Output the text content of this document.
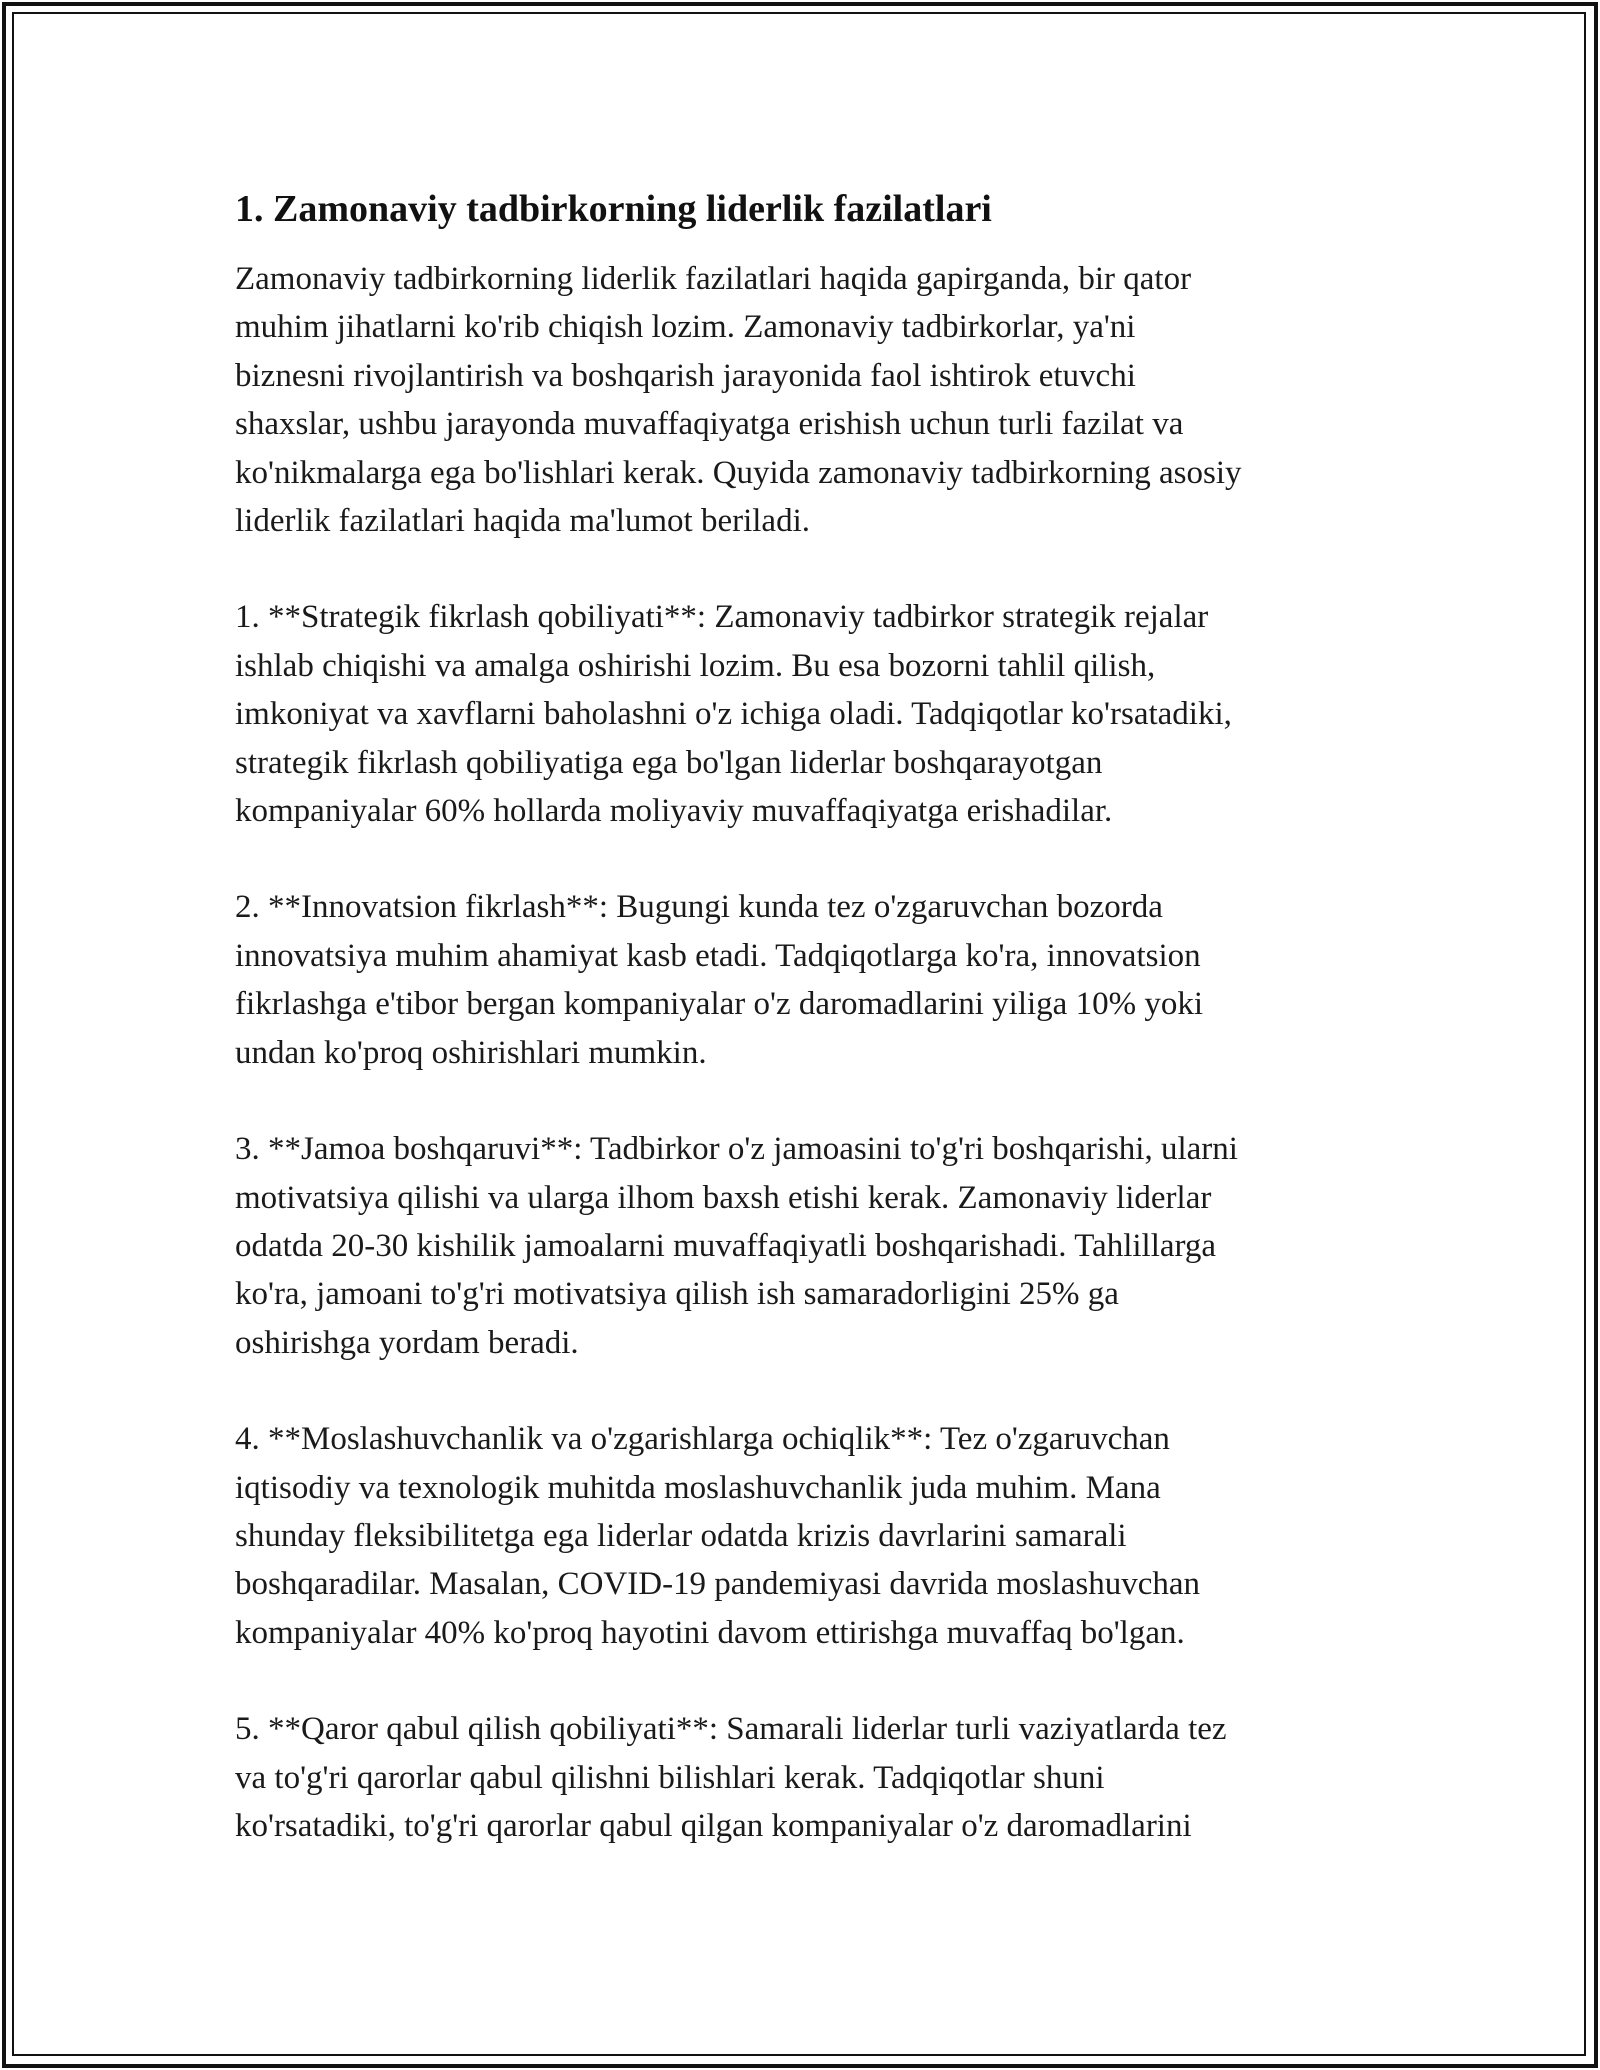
1. Zamonaviy tadbirkorning liderlik fazilatlari

Zamonaviy tadbirkorning liderlik fazilatlari haqida gapirganda, bir qator
muhim jihatlarni ko'rib chiqish lozim. Zamonaviy tadbirkorlar, ya'ni
biznesni rivojlantirish va boshqarish jarayonida faol ishtirok etuvchi
shaxslar, ushbu jarayonda muvaffaqiyatga erishish uchun turli fazilat va
ko'nikmalarga ega bo'lishlari kerak. Quyida zamonaviy tadbirkorning asosiy
liderlik fazilatlari haqida ma'lumot beriladi.

1. **Strategik fikrlash qobiliyati**: Zamonaviy tadbirkor strategik rejalar
ishlab chiqishi va amalga oshirishi lozim. Bu esa bozorni tahlil qilish,
imkoniyat va xavflarni baholashni o'z ichiga oladi. Tadqiqotlar ko'rsatadiki,
strategik fikrlash qobiliyatiga ega bo'lgan liderlar boshqarayotgan
kompaniyalar 60% hollarda moliyaviy muvaffaqiyatga erishadilar.

2. **Innovatsion fikrlash**: Bugungi kunda tez o'zgaruvchan bozorda
innovatsiya muhim ahamiyat kasb etadi. Tadqiqotlarga ko'ra, innovatsion
fikrlashga e'tibor bergan kompaniyalar o'z daromadlarini yiliga 10% yoki
undan ko'proq oshirishlari mumkin.

3. **Jamoa boshqaruvi**: Tadbirkor o'z jamoasini to'g'ri boshqarishi, ularni
motivatsiya qilishi va ularga ilhom baxsh etishi kerak. Zamonaviy liderlar
odatda 20-30 kishilik jamoalarni muvaffaqiyatli boshqarishadi. Tahlillarga
ko'ra, jamoani to'g'ri motivatsiya qilish ish samaradorligini 25% ga
oshirishga yordam beradi.

4. **Moslashuvchanlik va o'zgarishlarga ochiqlik**: Tez o'zgaruvchan
iqtisodiy va texnologik muhitda moslashuvchanlik juda muhim. Mana
shunday fleksibilitetga ega liderlar odatda krizis davrlarini samarali
boshqaradilar. Masalan, COVID-19 pandemiyasi davrida moslashuvchan
kompaniyalar 40% ko'proq hayotini davom ettirishga muvaffaq bo'lgan.

5. **Qaror qabul qilish qobiliyati**: Samarali liderlar turli vaziyatlarda tez
va to'g'ri qarorlar qabul qilishni bilishlari kerak. Tadqiqotlar shuni
ko'rsatadiki, to'g'ri qarorlar qabul qilgan kompaniyalar o'z daromadlarini
